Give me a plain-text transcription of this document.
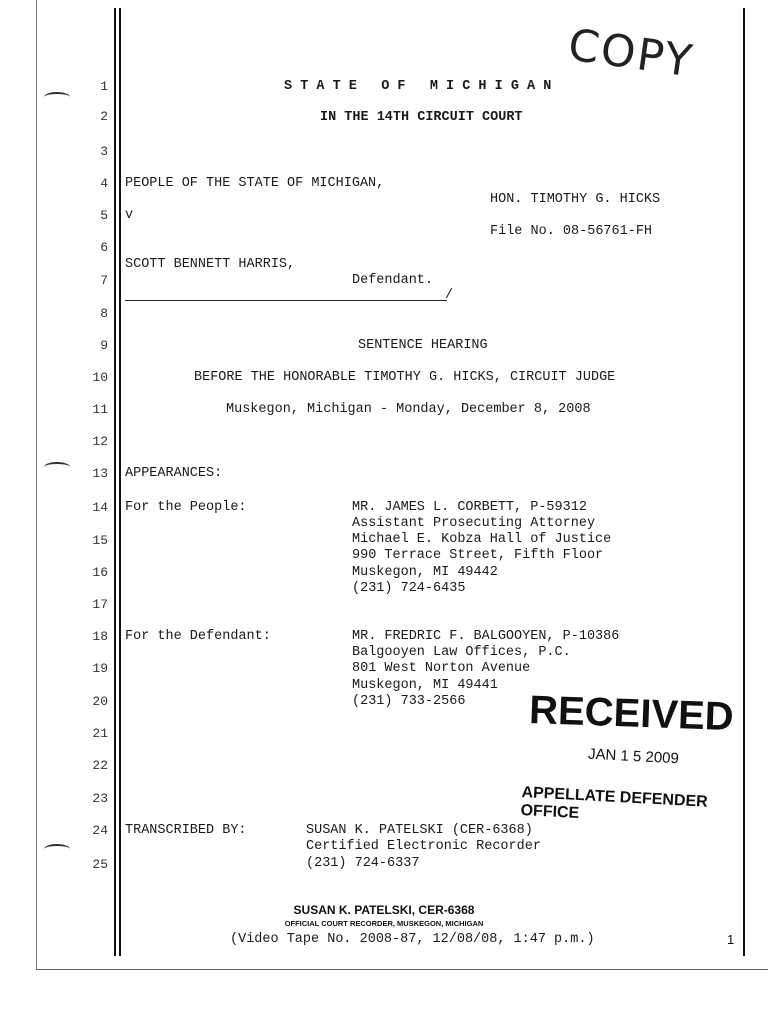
1
2
3
4
5
6
7
8
9
10
11
12
13
14
15
16
17
18
19
20
21
22
23
24
25
COPY
S T A T E   O F   M I C H I G A N
IN THE 14TH CIRCUIT COURT
PEOPLE OF THE STATE OF MICHIGAN,
HON. TIMOTHY G. HICKS
v
File No. 08-56761-FH
SCOTT BENNETT HARRIS,
Defendant.
/
SENTENCE HEARING
BEFORE THE HONORABLE TIMOTHY G. HICKS, CIRCUIT JUDGE
Muskegon, Michigan - Monday, December 8, 2008
APPEARANCES:
For the People:	MR. JAMES L. CORBETT, P-59312
Assistant Prosecuting Attorney
Michael E. Kobza Hall of Justice
990 Terrace Street, Fifth Floor
Muskegon, MI 49442
(231) 724-6435
For the Defendant:	MR. FREDRIC F. BALGOOYEN, P-10386
Balgooyen Law Offices, P.C.
801 West Norton Avenue
Muskegon, MI 49441
(231) 733-2566 RECEIVED
JAN 1 5 2009
APPELLATE DEFENDER OFFICE
TRANSCRIBED BY:	SUSAN K. PATELSKI (CER-6368)
Certified Electronic Recorder
(231) 724-6337
SUSAN K. PATELSKI, CER-6368
OFFICIAL COURT RECORDER, MUSKEGON, MICHIGAN
(Video Tape No. 2008-87, 12/08/08, 1:47 p.m.)	1
